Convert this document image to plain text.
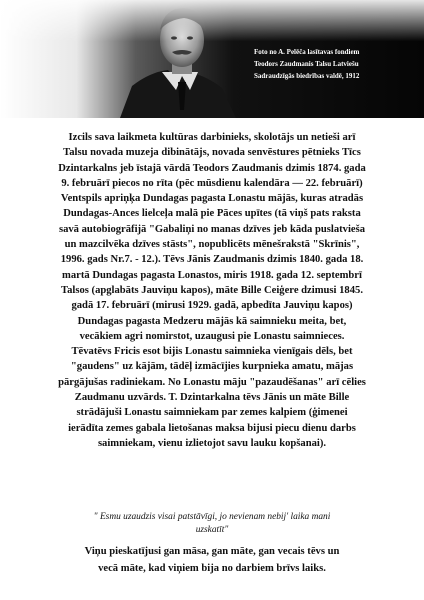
Foto no A. Pelēča lasītavas fondiem
Teodors Zaudmanis Talsu Latviešu
Sadraudzīgās biedrības valdē, 1912

Izcils sava laikmeta kultūras darbinieks, skolotājs un netieši arī
Talsu novada muzeja dibinātājs, novada senvēstures pētnieks Tīcs
Dzintarkalns jeb īstajā vārdā Teodors Zaudmanis dzimis 1874. gada
9. februārī piecos no rīta (pēc mūsdienu kalendāra — 22. februārī)
Ventspils apriņķa Dundagas pagasta Lonastu mājās, kuras atradās
Dundagas-Ances lielceļa malā pie Pāces upītes (tā viņš pats raksta
savā autobiogrāfijā "Gabaliņi no manas dzīves jeb kāda puslatvieša
un mazcilvēka dzīves stāsts", nopublicēts mēnešrakstā "Skrīnis",
1996. gads Nr.7. - 12.). Tēvs Jānis Zaudmanis dzimis 1840. gada 18.
martā Dundagas pagasta Lonastos, miris 1918. gada 12. septembrī
Talsos (apglabāts Jauviņu kapos), māte Bille Ceiģere dzimusi 1845.
gadā 17. februārī (mirusi 1929. gadā, apbedīta Jauviņu kapos)
Dundagas pagasta Medzeru mājās kā saimnieku meita, bet,
vecākiem agri nomirstot, uzaugusi pie Lonastu saimnieces.
Tēvatēvs Fricis esot bijis Lonastu saimnieka vienīgais dēls, bet
"gaudens" uz kājām, tādēļ izmācījies kurpnieka amatu, mājas
pārgājušas radiniekam. No Lonastu māju "pazaudēšanas" arī cēlies
Zaudmanu uzvārds. T. Dzintarkalna tēvs Jānis un māte Bille
strādājuši Lonastu saimniekam par zemes kalpiem (ģimenei
ierādīta zemes gabala lietošanas maksa bijusi piecu dienu darbs
saimniekam, vienu izlietojot savu lauku kopšanai).

" Esmu uzaudzis visai patstāvīgi, jo nevienam nebij' laika mani
uzskatīt"
Viņu pieskatījusi gan māsa, gan māte, gan vecais tēvs un
vecā māte, kad viņiem bija no darbiem brīvs laiks.
